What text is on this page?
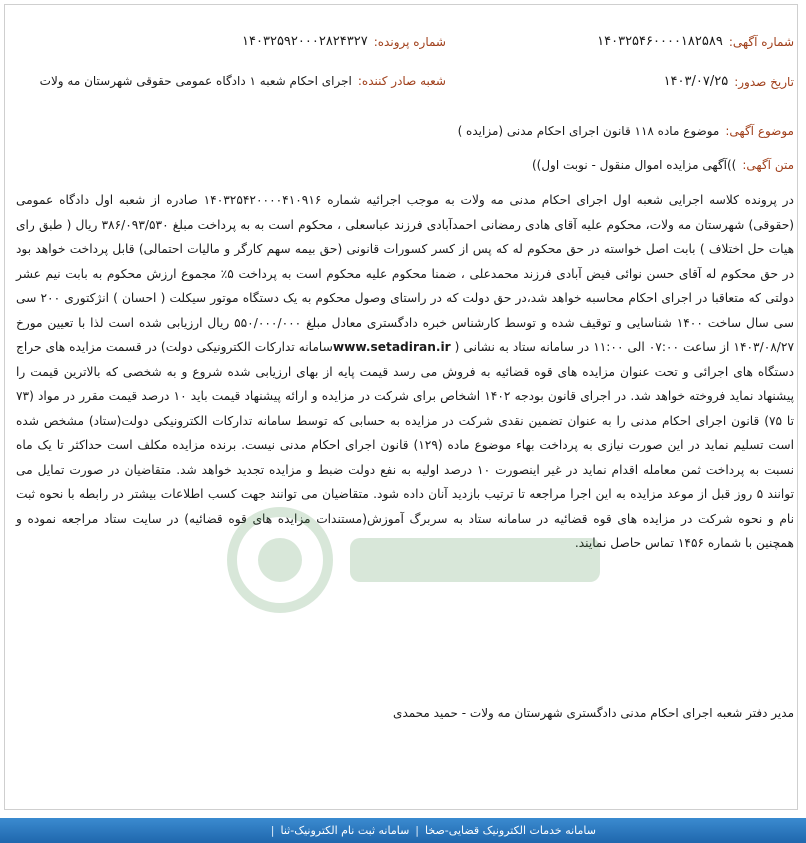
شماره آگهی:
۱۴۰۳۲۵۴۶۰۰۰۰۱۸۲۵۸۹
شماره پرونده:
۱۴۰۳۲۵۹۲۰۰۰۲۸۲۴۳۲۷
تاریخ صدور:
۱۴۰۳/۰۷/۲۵
شعبه صادر کننده:
اجرای احکام شعبه ۱ دادگاه عمومی حقوقی شهرستان مه ولات
موضوع آگهی:
موضوع ماده ۱۱۸ قانون اجرای احکام مدنی (مزایده )
متن آگهی:
))آگهی مزایده اموال منقول - نوبت اول))
در پرونده کلاسه اجرایی شعبه اول اجرای احکام مدنی مه ولات به موجب اجرائیه شماره ۱۴۰۳۲۵۴۲۰۰۰۰۴۱۰۹۱۶ صادره از شعبه اول دادگاه عمومی (حقوقی) شهرستان مه ولات، محکوم علیه آقای هادی رمضانی احمدآبادی فرزند عباسعلی ، محکوم است به به پرداخت مبلغ ۳۸۶/۰۹۳/۵۳۰ ریال ( طبق رای هیات حل اختلاف ) بابت اصل خواسته در حق محکوم له که پس از کسر کسورات قانونی (حق بیمه سهم کارگر و مالیات احتمالی) قابل پرداخت خواهد بود در حق محکوم له آقای حسن نوائی فیض آبادی فرزند محمدعلی ، ضمنا محکوم علیه محکوم است به پرداخت ۵٪ مجموع ارزش محکوم به بابت نیم عشر دولتی که متعاقبا در اجرای احکام محاسبه خواهد شد،در حق دولت که در راستای وصول محکوم به یک دستگاه موتور سیکلت ( احسان ) انژکتوری ۲۰۰ سی سی سال ساخت ۱۴۰۰ شناسایی و توقیف شده و توسط کارشناس خبره دادگستری معادل مبلغ ۵۵۰/۰۰۰/۰۰۰ ریال ارزیابی شده است لذا با تعیین مورخ ۱۴۰۳/۰۸/۲۷ از ساعت ۰۷:۰۰ الی ۱۱:۰۰ در سامانه ستاد به نشانی ( www.setadiran.irسامانه تدارکات الکترونیکی دولت) در قسمت مزایده های حراج دستگاه های اجرائی و تحت عنوان مزایده های قوه قضائیه به فروش می رسد قیمت پایه از بهای ارزیابی شده شروع و به شخصی که بالاترین قیمت را پیشنهاد نماید فروخته خواهد شد. در اجرای قانون بودجه ۱۴۰۲ اشخاص برای شرکت در مزایده و ارائه پیشنهاد قیمت باید ۱۰ درصد قیمت مقرر در مواد (۷۳ تا ۷۵) قانون اجرای احکام مدنی را به عنوان تضمین نقدی شرکت در مزایده به حسابی که توسط سامانه تدارکات الکترونیکی دولت(ستاد) مشخص شده است تسلیم نماید در این صورت نیازی به پرداخت بهاء موضوع ماده (۱۲۹) قانون اجرای احکام مدنی نیست. برنده مزایده مکلف است حداکثر تا یک ماه نسبت به پرداخت ثمن معامله اقدام نماید در غیر اینصورت ۱۰ درصد اولیه به نفع دولت ضبط و مزایده تجدید خواهد شد. متقاضیان در صورت تمایل می توانند ۵ روز قبل از موعد مزایده به این اجرا مراجعه تا ترتیب بازدید آنان داده شود. متقاضیان می توانند جهت کسب اطلاعات بیشتر در رابطه با نحوه ثبت نام و نحوه شرکت در مزایده های قوه قضائیه در سامانه ستاد به سربرگ آموزش(مستندات مزایده های قوه قضائیه) در سایت ستاد مراجعه نموده و همچنین با شماره ۱۴۵۶ تماس حاصل نمایند.
مدیر دفتر شعبه اجرای احکام مدنی دادگستری شهرستان مه ولات - حمید محمدی
سامانه خدمات الکترونیک قضایی-صخا
|
سامانه ثبت نام الکترونیک-ثنا
|
